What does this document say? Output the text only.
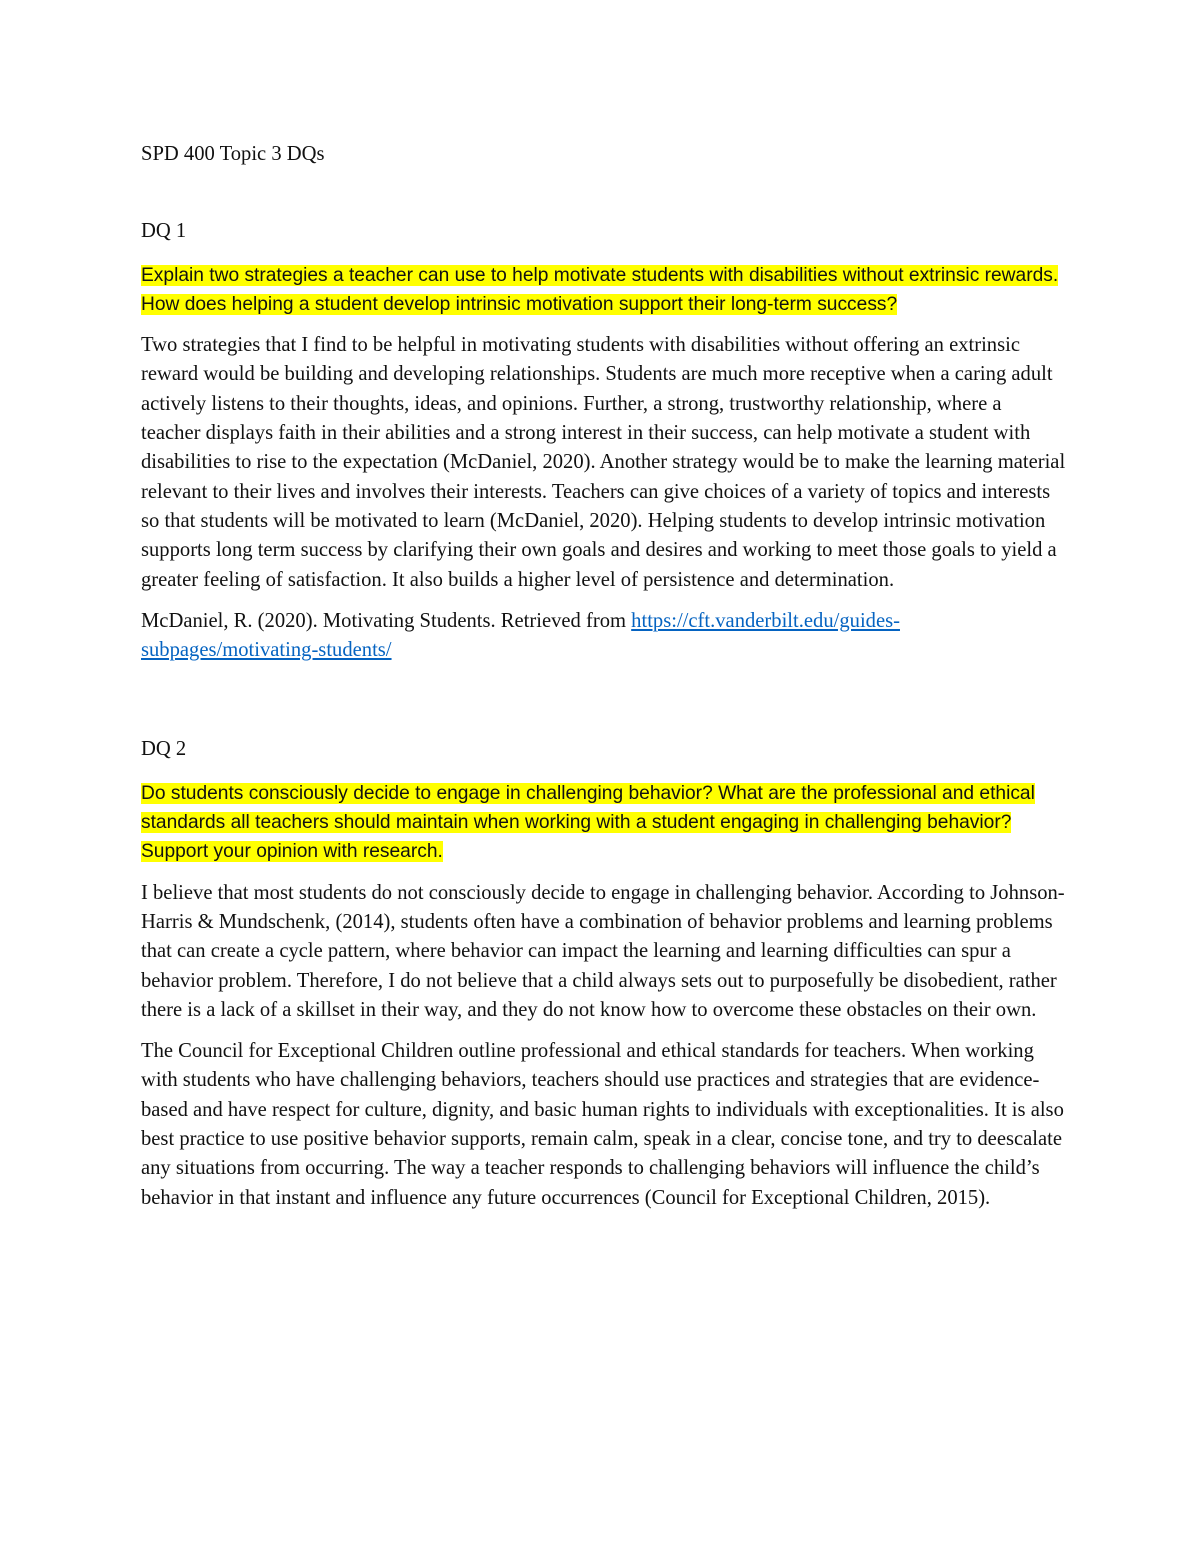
SPD 400 Topic 3 DQs

DQ 1

Explain two strategies a teacher can use to help motivate students with disabilities without extrinsic rewards. How does helping a student develop intrinsic motivation support their long-term success?

Two strategies that I find to be helpful in motivating students with disabilities without offering an extrinsic reward would be building and developing relationships. Students are much more receptive when a caring adult actively listens to their thoughts, ideas, and opinions. Further, a strong, trustworthy relationship, where a teacher displays faith in their abilities and a strong interest in their success, can help motivate a student with disabilities to rise to the expectation (McDaniel, 2020). Another strategy would be to make the learning material relevant to their lives and involves their interests. Teachers can give choices of a variety of topics and interests so that students will be motivated to learn (McDaniel, 2020). Helping students to develop intrinsic motivation supports long term success by clarifying their own goals and desires and working to meet those goals to yield a greater feeling of satisfaction. It also builds a higher level of persistence and determination.

McDaniel, R. (2020). Motivating Students. Retrieved from https://cft.vanderbilt.edu/guides-subpages/motivating-students/

DQ 2

Do students consciously decide to engage in challenging behavior? What are the professional and ethical standards all teachers should maintain when working with a student engaging in challenging behavior? Support your opinion with research.

I believe that most students do not consciously decide to engage in challenging behavior. According to Johnson-Harris & Mundschenk, (2014), students often have a combination of behavior problems and learning problems that can create a cycle pattern, where behavior can impact the learning and learning difficulties can spur a behavior problem. Therefore, I do not believe that a child always sets out to purposefully be disobedient, rather there is a lack of a skillset in their way, and they do not know how to overcome these obstacles on their own.

The Council for Exceptional Children outline professional and ethical standards for teachers. When working with students who have challenging behaviors, teachers should use practices and strategies that are evidence-based and have respect for culture, dignity, and basic human rights to individuals with exceptionalities. It is also best practice to use positive behavior supports, remain calm, speak in a clear, concise tone, and try to deescalate any situations from occurring. The way a teacher responds to challenging behaviors will influence the child’s behavior in that instant and influence any future occurrences (Council for Exceptional Children, 2015).
